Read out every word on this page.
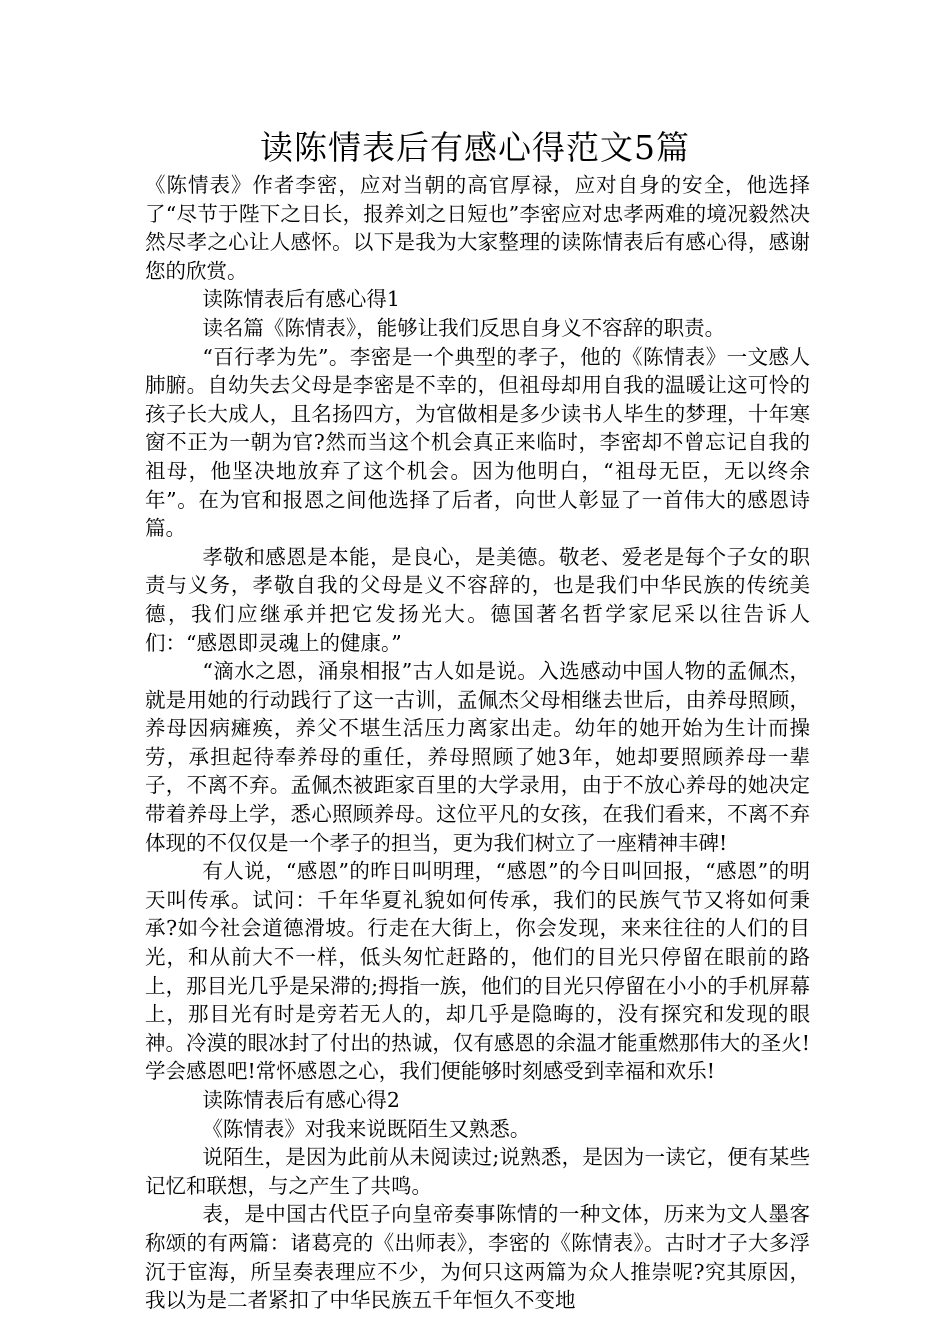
读陈情表后有感心得范文5篇

《陈情表》作者李密，应对当朝的高官厚禄，应对自身的安全，他选择了“尽节于陛下之日长，报养刘之日短也”李密应对忠孝两难的境况毅然决然尽孝之心让人感怀。以下是我为大家整理的读陈情表后有感心得，感谢您的欣赏。

读陈情表后有感心得1

读名篇《陈情表》，能够让我们反思自身义不容辞的职责。

“百行孝为先”。李密是一个典型的孝子，他的《陈情表》一文感人肺腑。自幼失去父母是李密是不幸的，但祖母却用自我的温暖让这可怜的孩子长大成人，且名扬四方，为官做相是多少读书人毕生的梦理，十年寒窗不正为一朝为官?然而当这个机会真正来临时，李密却不曾忘记自我的祖母，他坚决地放弃了这个机会。因为他明白，“祖母无臣，无以终余年”。在为官和报恩之间他选择了后者，向世人彰显了一首伟大的感恩诗篇。

孝敬和感恩是本能，是良心，是美德。敬老、爱老是每个子女的职责与义务，孝敬自我的父母是义不容辞的，也是我们中华民族的传统美德，我们应继承并把它发扬光大。德国著名哲学家尼采以往告诉人们：“感恩即灵魂上的健康。”

“滴水之恩，涌泉相报”古人如是说。入选感动中国人物的孟佩杰，就是用她的行动践行了这一古训，孟佩杰父母相继去世后，由养母照顾，养母因病瘫痪，养父不堪生活压力离家出走。幼年的她开始为生计而操劳，承担起待奉养母的重任，养母照顾了她3年，她却要照顾养母一辈子，不离不弃。孟佩杰被距家百里的大学录用，由于不放心养母的她决定带着养母上学，悉心照顾养母。这位平凡的女孩，在我们看来，不离不弃体现的不仅仅是一个孝子的担当，更为我们树立了一座精神丰碑!

有人说，“感恩”的昨日叫明理，“感恩”的今日叫回报，“感恩”的明天叫传承。试问：千年华夏礼貌如何传承，我们的民族气节又将如何秉承?如今社会道德滑坡。行走在大街上，你会发现，来来往往的人们的目光，和从前大不一样，低头匆忙赶路的，他们的目光只停留在眼前的路上，那目光几乎是呆滞的;拇指一族，他们的目光只停留在小小的手机屏幕上，那目光有时是旁若无人的，却几乎是隐晦的，没有探究和发现的眼神。冷漠的眼冰封了付出的热诚，仅有感恩的余温才能重燃那伟大的圣火!学会感恩吧!常怀感恩之心，我们便能够时刻感受到幸福和欢乐!

读陈情表后有感心得2

《陈情表》对我来说既陌生又熟悉。

说陌生，是因为此前从未阅读过;说熟悉，是因为一读它，便有某些记忆和联想，与之产生了共鸣。

表，是中国古代臣子向皇帝奏事陈情的一种文体，历来为文人墨客称颂的有两篇：诸葛亮的《出师表》，李密的《陈情表》。古时才子大多浮沉于宦海，所呈奏表理应不少，为何只这两篇为众人推崇呢?究其原因，我以为是二者紧扣了中华民族五千年恒久不变地
